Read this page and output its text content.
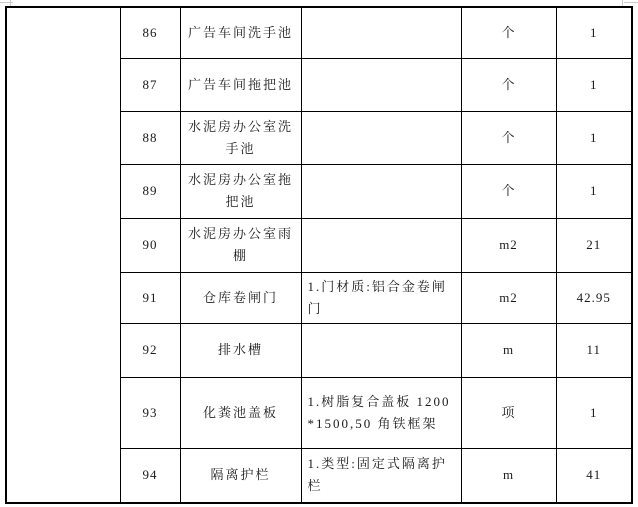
	86	广告车间洗手池		个	1
	87	广告车间拖把池		个	1
	88	水泥房办公室洗手池		个	1
	89	水泥房办公室拖把池		个	1
	90	水泥房办公室雨棚		m2	21
	91	仓库卷闸门	1.门材质:铝合金卷闸门	m2	42.95
	92	排水槽		m	11
	93	化粪池盖板	1.树脂复合盖板 1200*1500,50 角铁框架	项	1
	94	隔离护栏	1.类型:固定式隔离护栏	m	41
